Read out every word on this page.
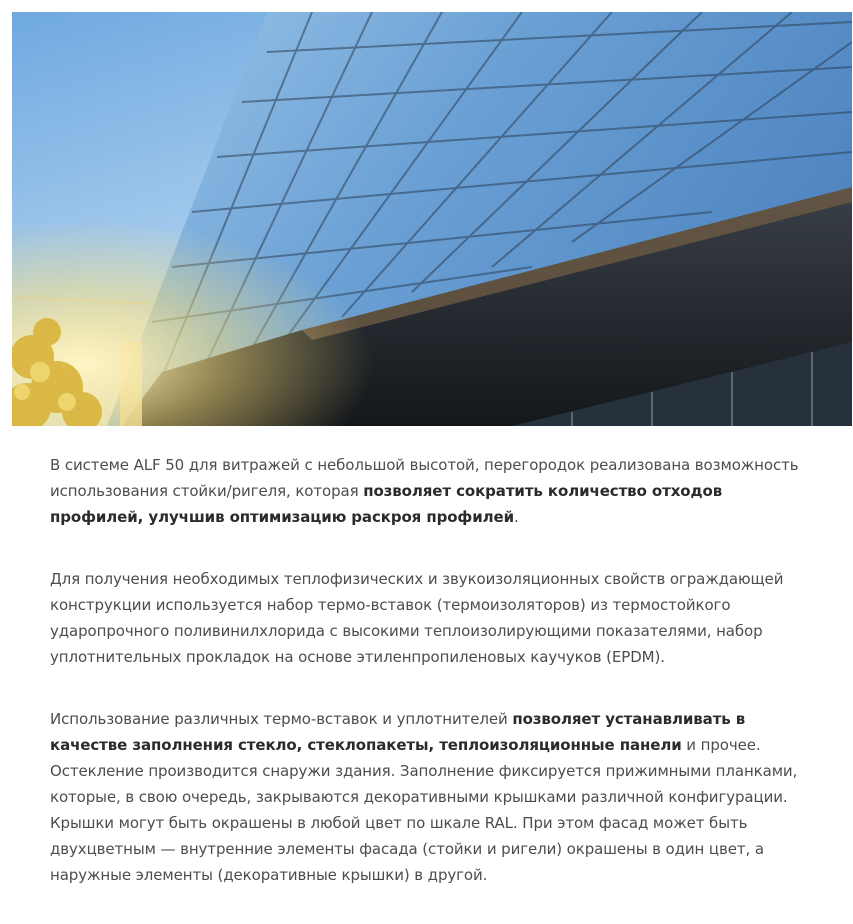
В системе ALF 50 для витражей с небольшой высотой, перегородок реализована возможность использования стойки/ригеля, которая позволяет сократить количество отходов профилей, улучшив оптимизацию раскроя профилей.

Для получения необходимых теплофизических и звукоизоляционных свойств ограждающей конструкции используется набор термо-вставок (термоизоляторов) из термостойкого ударопрочного поливинилхлорида с высокими теплоизолирующими показателями, набор уплотнительных прокладок на основе этиленпропиленовых каучуков (EPDM).

Использование различных термо-вставок и уплотнителей позволяет устанавливать в качестве заполнения стекло, стеклопакеты, теплоизоляционные панели и прочее. Остекление производится снаружи здания. Заполнение фиксируется прижимными планками, которые, в свою очередь, закрываются декоративными крышками различной конфигурации. Крышки могут быть окрашены в любой цвет по шкале RAL. При этом фасад может быть двухцветным — внутренние элементы фасада (стойки и ригели) окрашены в один цвет, а наружные элементы (декоративные крышки) в другой.
